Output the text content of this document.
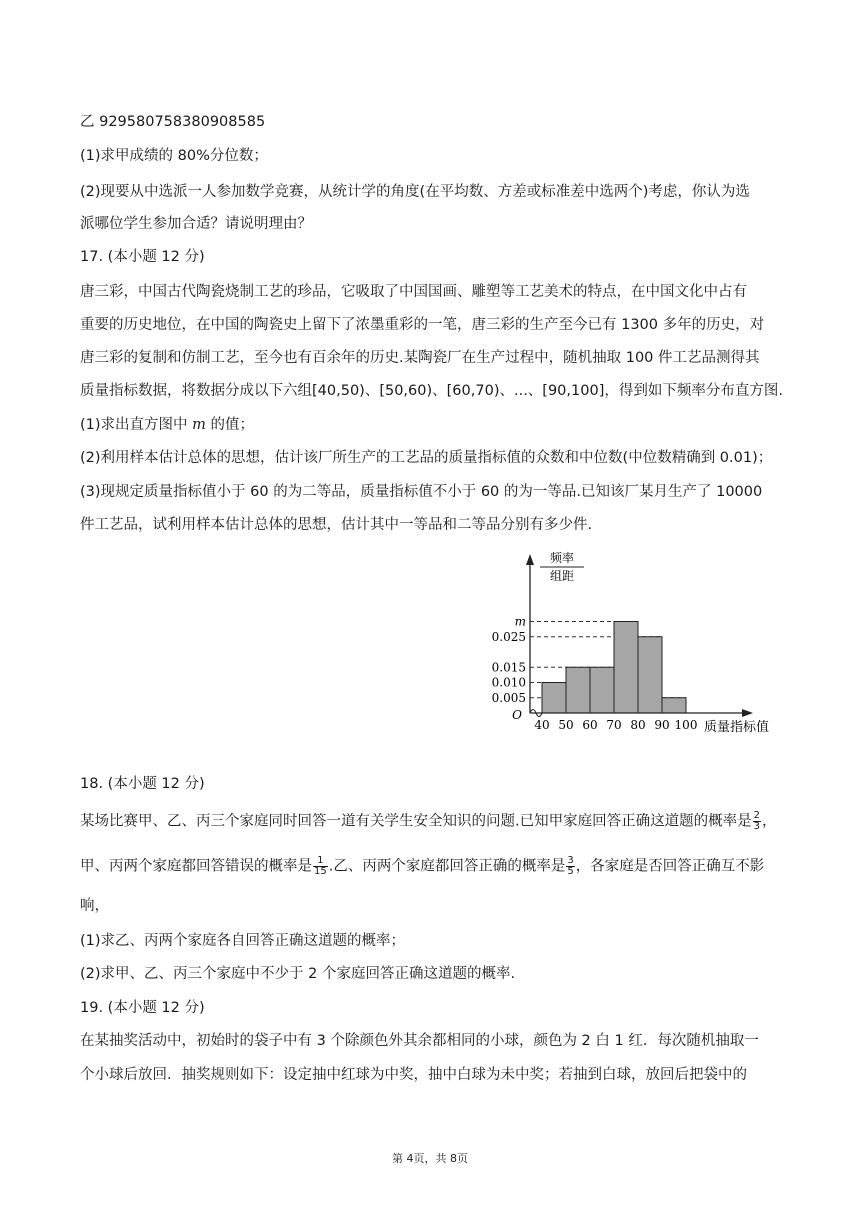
乙 929580758380908585
(1)求甲成绩的 80%分位数；
(2)现要从中选派一人参加数学竞赛，从统计学的角度(在平均数、方差或标准差中选两个)考虑，你认为选
派哪位学生参加合适？请说明理由？
17. (本小题 12 分)
唐三彩，中国古代陶瓷烧制工艺的珍品，它吸取了中国国画、雕塑等工艺美术的特点，在中国文化中占有
重要的历史地位，在中国的陶瓷史上留下了浓墨重彩的一笔，唐三彩的生产至今已有 1300 多年的历史，对
唐三彩的复制和仿制工艺，至今也有百余年的历史.某陶瓷厂在生产过程中，随机抽取 100 件工艺品测得其
质量指标数据，将数据分成以下六组[40,50)、[50,60)、[60,70)、...、[90,100]，得到如下频率分布直方图.
(1)求出直方图中 m 的值；
(2)利用样本估计总体的思想，估计该厂所生产的工艺品的质量指标值的众数和中位数(中位数精确到 0.01)；
(3)现规定质量指标值小于 60 的为二等品，质量指标值不小于 60 的为一等品.已知该厂某月生产了 10000
件工艺品，试利用样本估计总体的思想，估计其中一等品和二等品分别有多少件.
0.005
0.010
0.015
0.025
m
40 50 60 70 80 90 100
O
质量指标值
频率
组距
18. (本小题 12 分)
某场比赛甲、乙、丙三个家庭同时回答一道有关学生安全知识的问题.已知甲家庭回答正确这道题的概率是 $\frac{2}{3}$ ，
甲、丙两个家庭都回答错误的概率是 $\frac{1}{15}$ .乙、丙两个家庭都回答正确的概率是 $\frac{3}{5}$ ，各家庭是否回答正确互不影
响，
(1)求乙、丙两个家庭各自回答正确这道题的概率；
(2)求甲、乙、丙三个家庭中不少于 2 个家庭回答正确这道题的概率.
19. (本小题 12 分)
在某抽奖活动中，初始时的袋子中有 3 个除颜色外其余都相同的小球，颜色为 2 白 1 红．每次随机抽取一
个小球后放回．抽奖规则如下：设定抽中红球为中奖，抽中白球为未中奖；若抽到白球，放回后把袋中的
第 4页，共 8页
